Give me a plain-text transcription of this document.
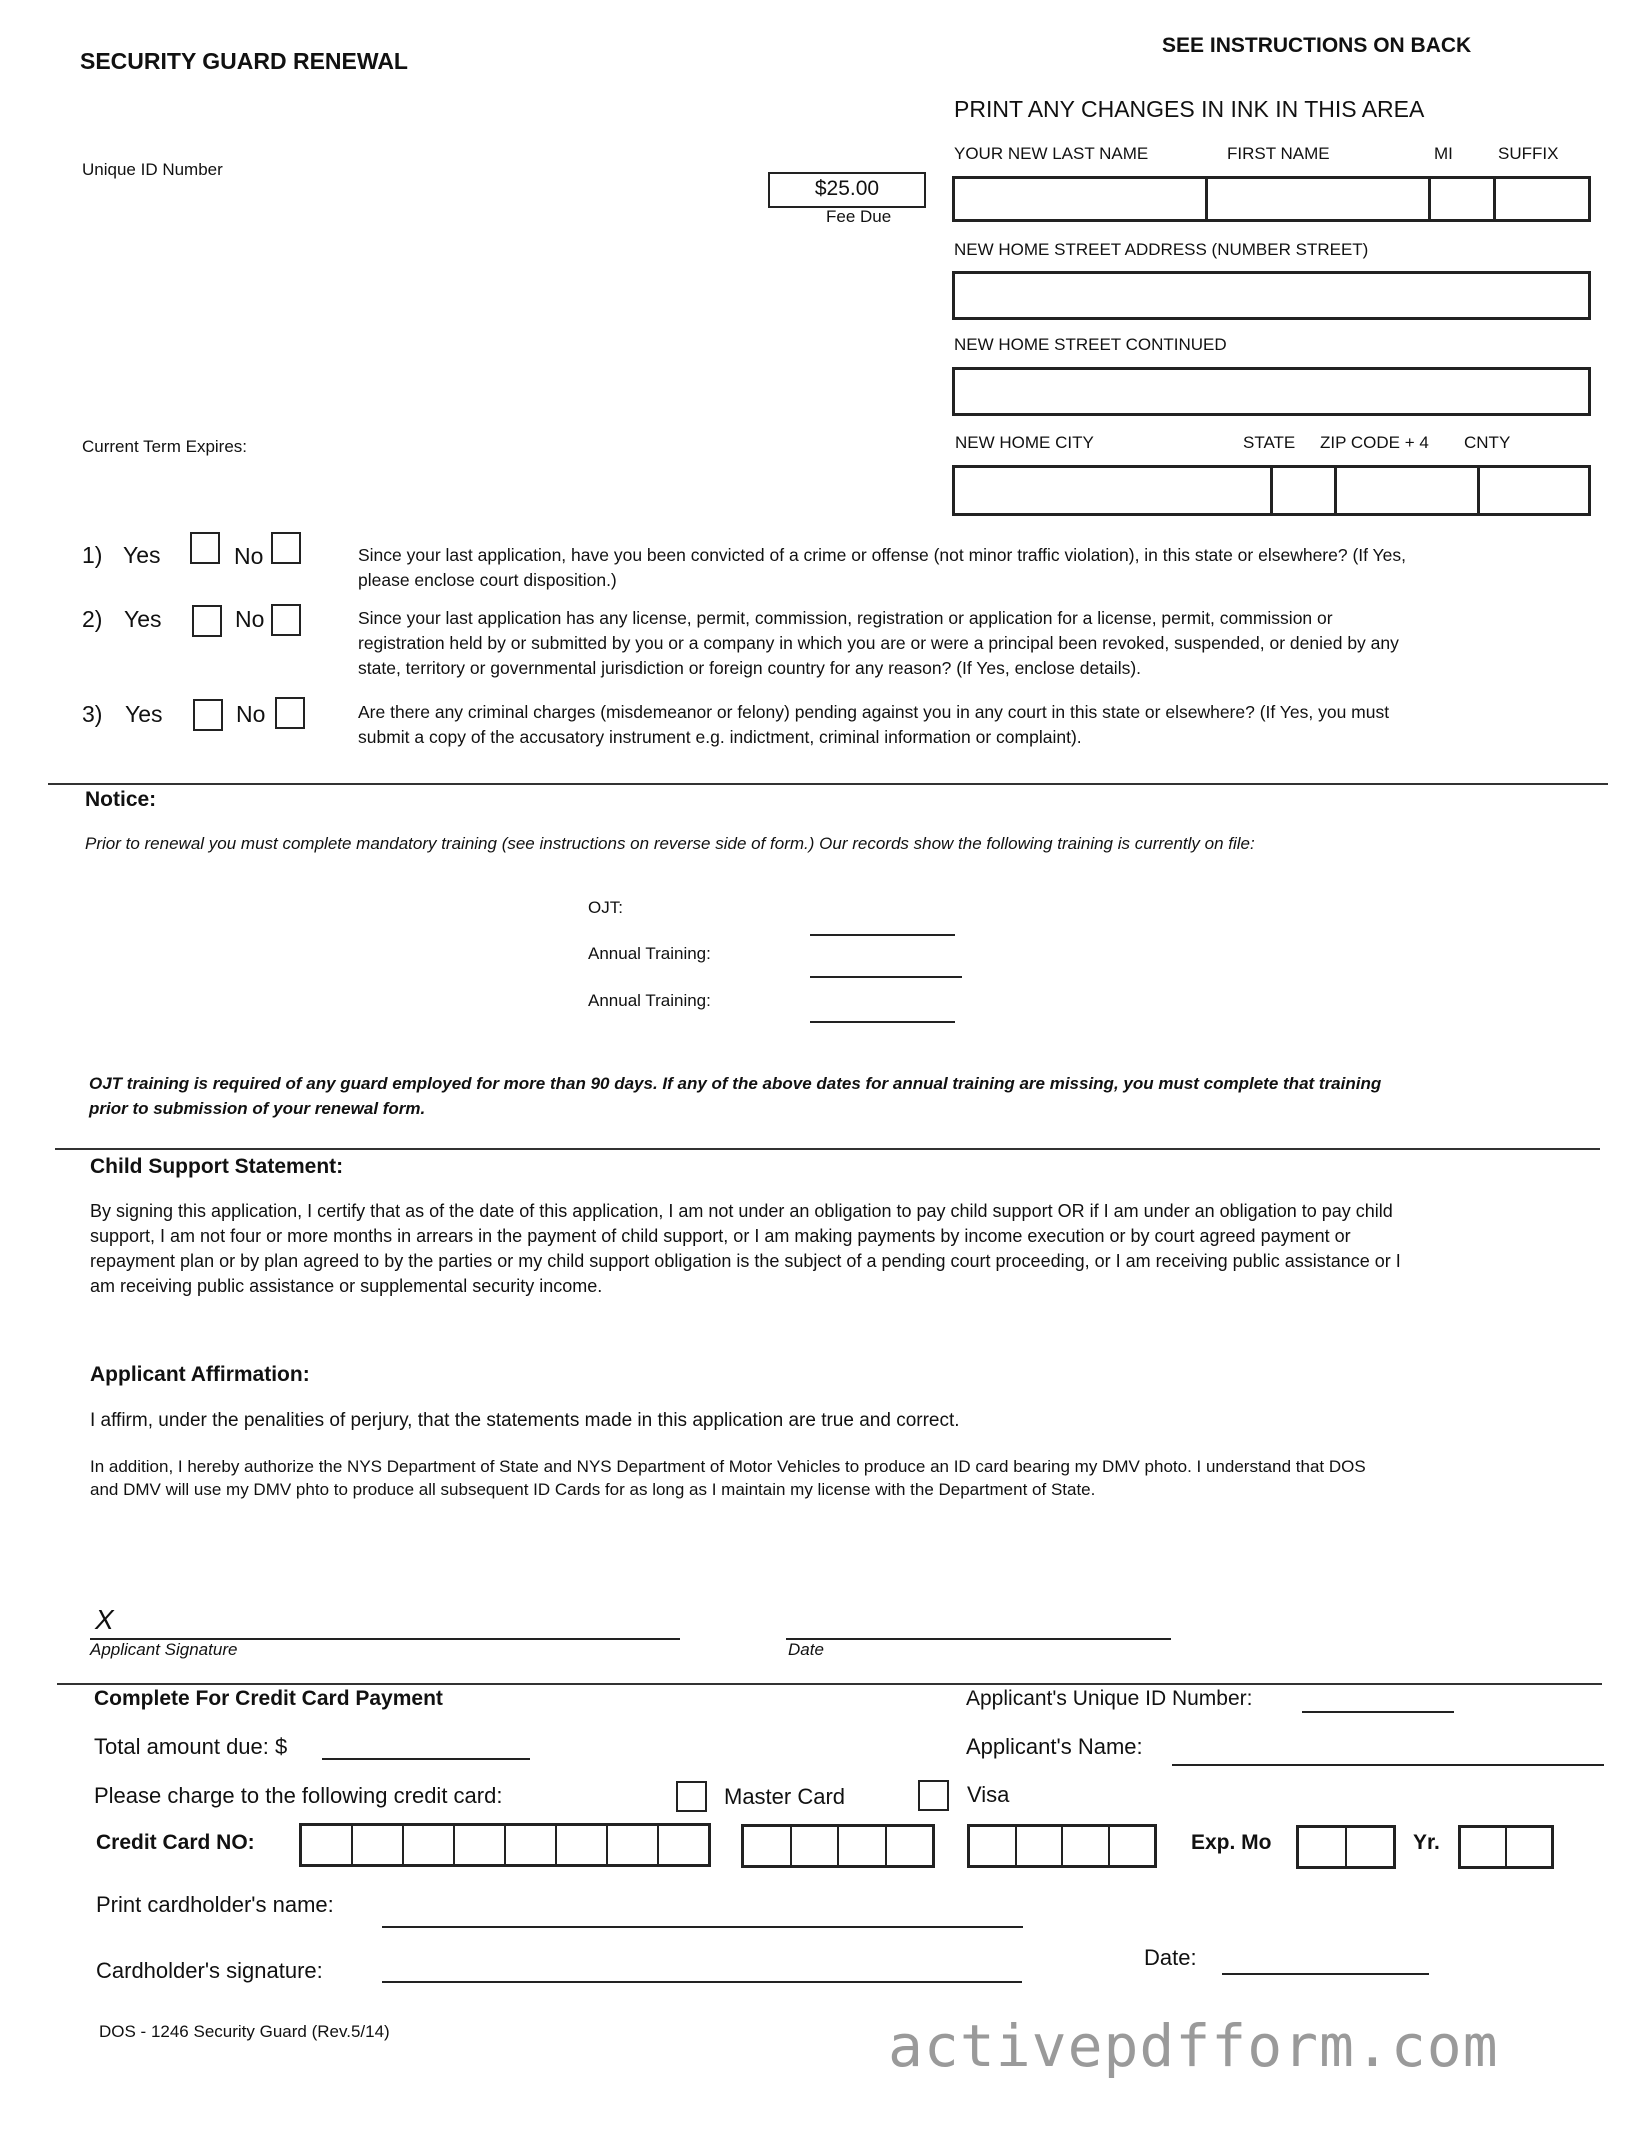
SECURITY GUARD RENEWAL
SEE INSTRUCTIONS ON BACK
Unique ID Number
$25.00
Fee Due
Current Term Expires:
PRINT ANY CHANGES IN INK IN THIS AREA
YOUR NEW LAST NAME	FIRST NAME	MI	SUFFIX
NEW HOME STREET ADDRESS (NUMBER STREET)
NEW HOME STREET CONTINUED
NEW HOME CITY	STATE ZIP CODE + 4 CNTY
1) Yes	No	Since your last application, have you been convicted of a crime or offense (not minor traffic violation), in this state or elsewhere? (If Yes, please enclose court disposition.)
2) Yes	No	Since your last application has any license, permit, commission, registration or application for a license, permit, commission or registration held by or submitted by you or a company in which you are or were a principal been revoked, suspended, or denied by any state, territory or governmental jurisdiction or foreign country for any reason? (If Yes, enclose details).
3) Yes	No	Are there any criminal charges (misdemeanor or felony) pending against you in any court in this state or elsewhere? (If Yes, you must submit a copy of the accusatory instrument e.g. indictment, criminal information or complaint).
Notice:
Prior to renewal you must complete mandatory training (see instructions on reverse side of form.) Our records show the following training is currently on file:
OJT:
Annual Training:
Annual Training:
OJT training is required of any guard employed for more than 90 days. If any of the above dates for annual training are missing, you must complete that training prior to submission of your renewal form.
Child Support Statement:
By signing this application, I certify that as of the date of this application, I am not under an obligation to pay child support OR if I am under an obligation to pay child support, I am not four or more months in arrears in the payment of child support, or I am making payments by income execution or by court agreed payment or repayment plan or by plan agreed to by the parties or my child support obligation is the subject of a pending court proceeding, or I am receiving public assistance or I am receiving public assistance or supplemental security income.
Applicant Affirmation:
I affirm, under the penalities of perjury, that the statements made in this application are true and correct.
In addition, I hereby authorize the NYS Department of State and NYS Department of Motor Vehicles to produce an ID card bearing my DMV photo. I understand that DOS and DMV will use my DMV phto to produce all subsequent ID Cards for as long as I maintain my license with the Department of State.
X
Applicant Signature	Date
Complete For Credit Card Payment	Applicant's Unique ID Number:
Total amount due: $	Applicant's Name:
Please charge to the following credit card:	Master Card	Visa
Credit Card NO:	Exp. Mo	Yr.
Print cardholder's name:
Cardholder's signature:
Date:
DOS - 1246 Security Guard (Rev.5/14)	activepdfform.com
